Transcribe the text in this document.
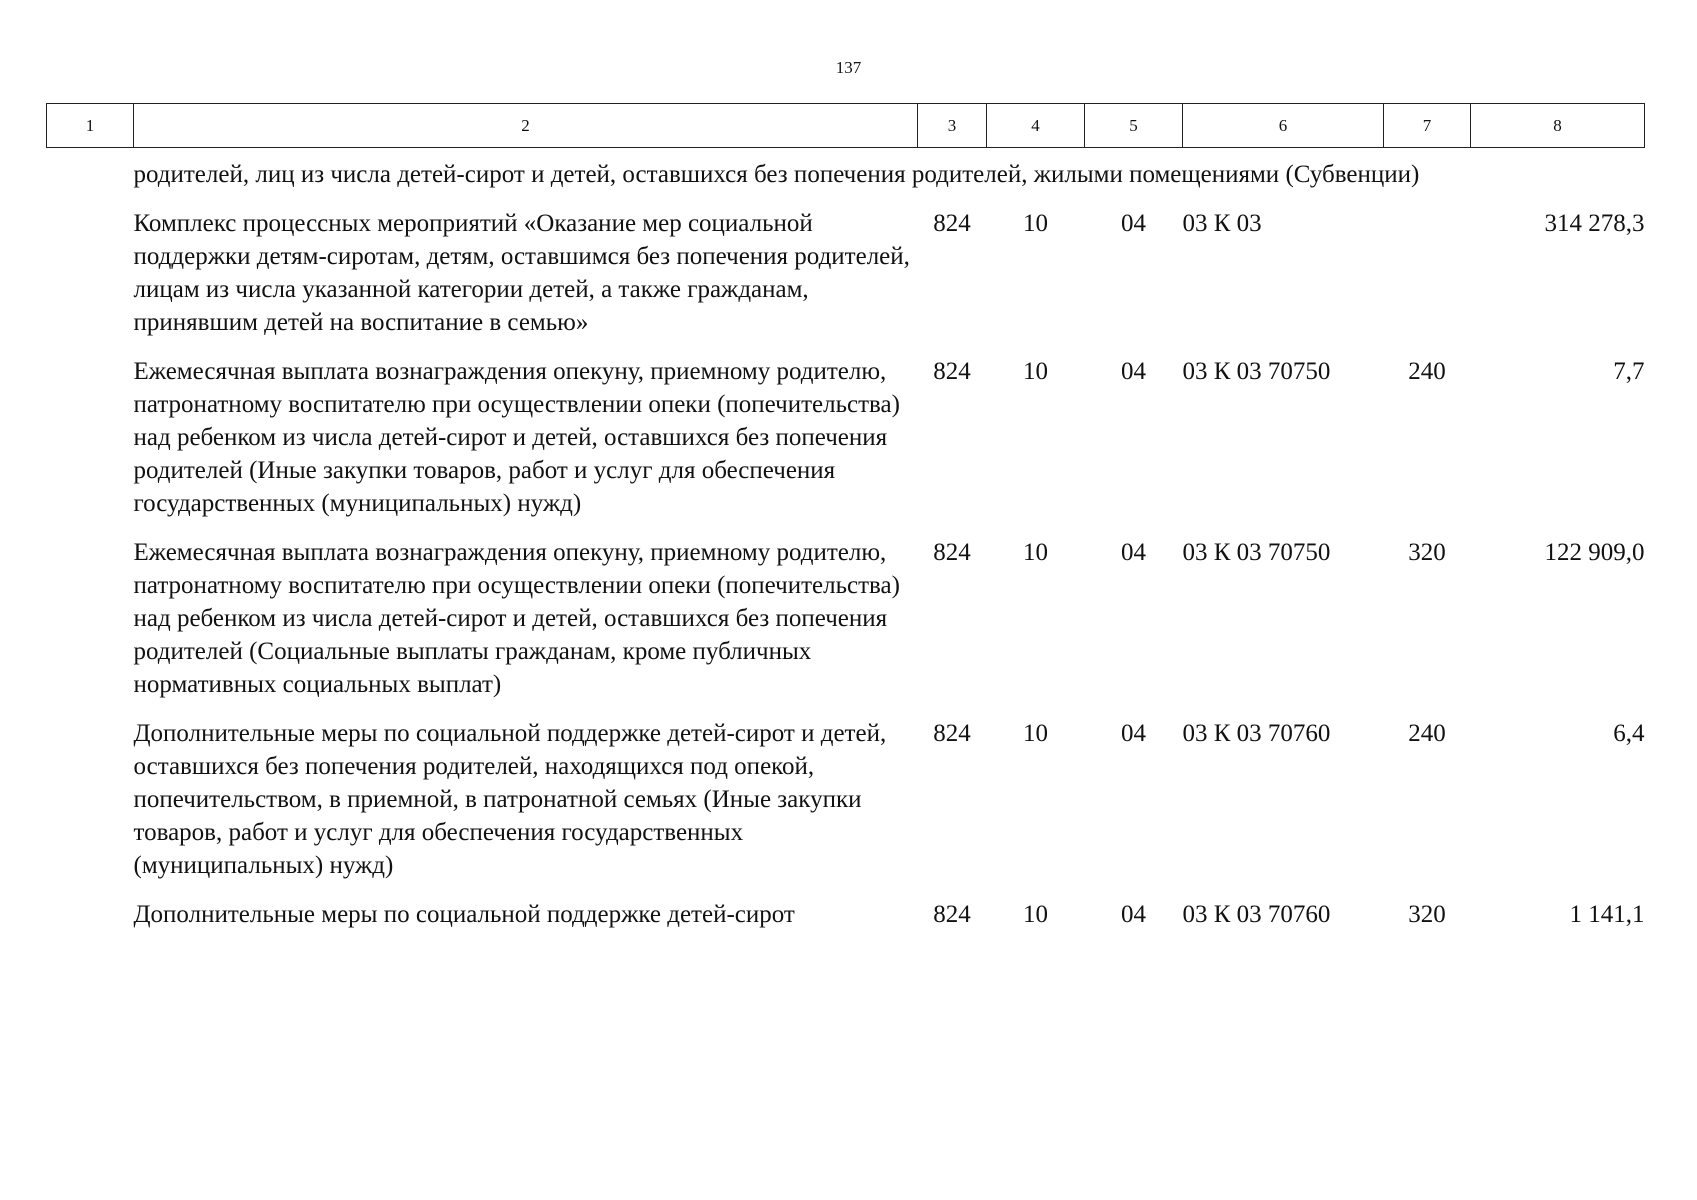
137
1	2	3	4	5	6	7	8
	родителей, лиц из числа детей-сирот и детей, оставшихся без попечения родителей, жилыми помещениями (Субвенции)						

	Комплекс процессных мероприятий «Оказание мер социальной поддержки детям-сиротам, детям, оставшимся без попечения родителей, лицам из числа указанной категории детей, а также гражданам, принявшим детей на воспитание в семью»	824	10	04	03 К 03		314 278,3

	Ежемесячная выплата вознаграждения опекуну, приемному родителю, патронатному воспитателю при осуществлении опеки (попечительства) над ребенком из числа детей-сирот и детей, оставшихся без попечения родителей (Иные закупки товаров, работ и услуг для обеспечения государственных (муниципальных) нужд)	824	10	04	03 К 03 70750	240	7,7

	Ежемесячная выплата вознаграждения опекуну, приемному родителю, патронатному воспитателю при осуществлении опеки (попечительства) над ребенком из числа детей-сирот и детей, оставшихся без попечения родителей (Социальные выплаты гражданам, кроме публичных нормативных социальных выплат)	824	10	04	03 К 03 70750	320	122 909,0

	Дополнительные меры по социальной поддержке детей-сирот и детей, оставшихся без попечения родителей, находящихся под опекой, попечительством, в приемной, в патронатной семьях (Иные закупки товаров, работ и услуг для обеспечения государственных (муниципальных) нужд)	824	10	04	03 К 03 70760	240	6,4

	Дополнительные меры по социальной поддержке детей-сирот	824	10	04	03 К 03 70760	320	1 141,1
